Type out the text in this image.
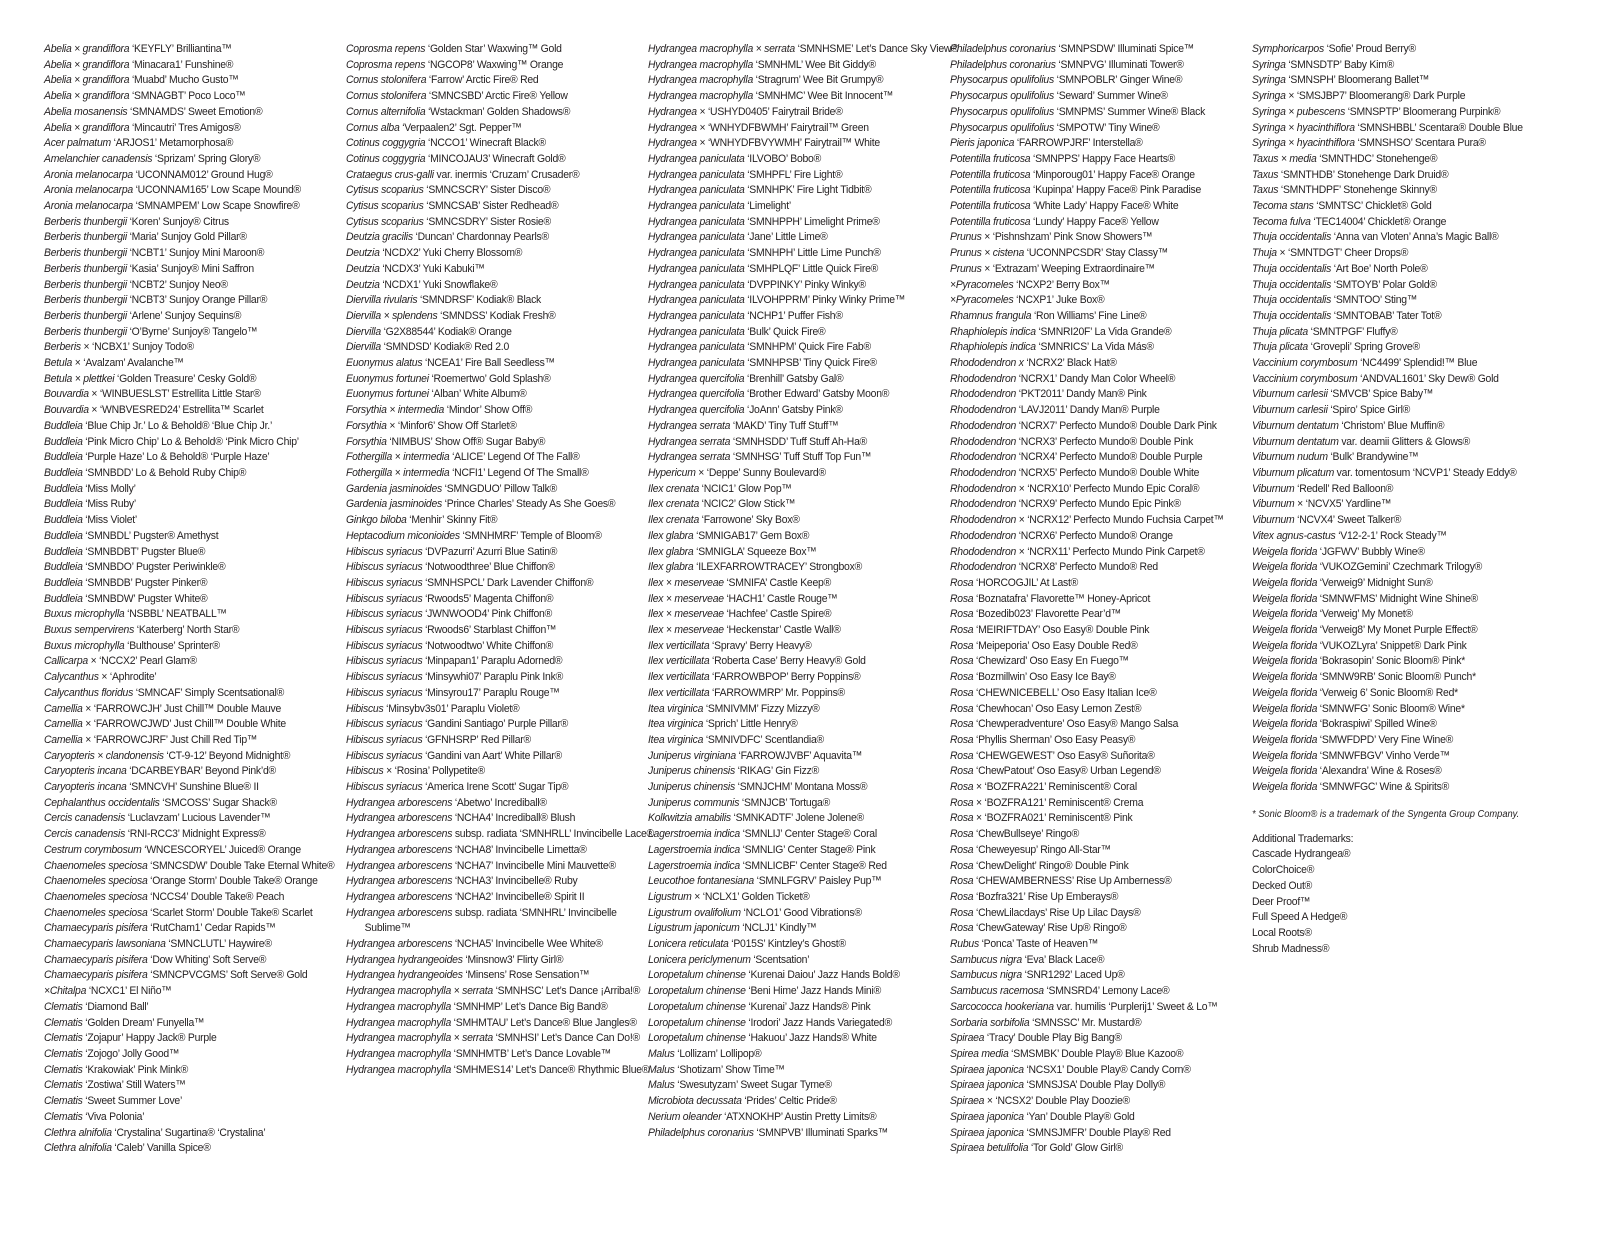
Abelia × grandiflora ‘KEYFLY’ Brilliantina™
Abelia × grandiflora ‘Minacara1’ Funshine®
Abelia × grandiflora ‘Muabd’ Mucho Gusto™
Abelia × grandiflora ‘SMNAGBT’ Poco Loco™
Abelia mosanensis ‘SMNAMDS’ Sweet Emotion®
Abelia × grandiflora ‘Mincautri’ Tres Amigos®
Acer palmatum ‘ARJOS1’ Metamorphosa®
Amelanchier canadensis ‘Sprizam’ Spring Glory®
Aronia melanocarpa ‘UCONNAM012’ Ground Hug®
Aronia melanocarpa ‘UCONNAM165’ Low Scape Mound®
Aronia melanocarpa ‘SMNAMPEM’ Low Scape Snowfire®
Berberis thunbergii ‘Koren’ Sunjoy® Citrus
Berberis thunbergii ‘Maria’ Sunjoy Gold Pillar®
Berberis thunbergii ‘NCBT1’ Sunjoy Mini Maroon®
Berberis thunbergii ‘Kasia’ Sunjoy® Mini Saffron
Berberis thunbergii ‘NCBT2’ Sunjoy Neo®
Berberis thunbergii ‘NCBT3’ Sunjoy Orange Pillar®
Berberis thunbergii ‘Arlene’ Sunjoy Sequins®
Berberis thunbergii ‘O’Byrne’ Sunjoy® Tangelo™
Berberis × ‘NCBX1’ Sunjoy Todo®
Betula × ‘Avalzam’ Avalanche™
Betula × plettkei ‘Golden Treasure’ Cesky Gold®
Bouvardia × ‘WINBUESLST’ Estrellita Little Star®
Bouvardia × ‘WNBVESRED24’ Estrellita™ Scarlet
Buddleia ‘Blue Chip Jr.’ Lo & Behold® ‘Blue Chip Jr.’
Buddleia ‘Pink Micro Chip’ Lo & Behold® ‘Pink Micro Chip’
Buddleia ‘Purple Haze’ Lo & Behold® ‘Purple Haze’
Buddleia ‘SMNBDD’ Lo & Behold Ruby Chip®
Buddleia ‘Miss Molly’
Buddleia ‘Miss Ruby’
Buddleia ‘Miss Violet’
Buddleia ‘SMNBDL’ Pugster® Amethyst
Buddleia ‘SMNBDBT’ Pugster Blue®
Buddleia ‘SMNBDO’ Pugster Periwinkle®
Buddleia ‘SMNBDB’ Pugster Pinker®
Buddleia ‘SMNBDW’ Pugster White®
Buxus microphylla ‘NSBBL’ NEATBALL™
Buxus sempervirens ‘Katerberg’ North Star®
Buxus microphylla ‘Bulthouse’ Sprinter®
Callicarpa × ‘NCCX2’ Pearl Glam®
Calycanthus × ‘Aphrodite’
Calycanthus floridus ‘SMNCAF’ Simply Scentsational®
Camellia × ‘FARROWCJH’ Just Chill™ Double Mauve
Camellia × ‘FARROWCJWD’ Just Chill™ Double White
Camellia × ‘FARROWCJRF’ Just Chill Red Tip™
Caryopteris × clandonensis ‘CT-9-12’ Beyond Midnight®
Caryopteris incana ‘DCARBEYBAR’ Beyond Pink’d®
Caryopteris incana ‘SMNCVH’ Sunshine Blue® II
Cephalanthus occidentalis ‘SMCOSS’ Sugar Shack®
Cercis canadensis ‘Luclavzam’ Lucious Lavender™
Cercis canadensis ‘RNI-RCC3’ Midnight Express®
Cestrum corymbosum ‘WNCESCORYEL’ Juiced® Orange
Chaenomeles speciosa ‘SMNCSDW’ Double Take Eternal White®
Chaenomeles speciosa ‘Orange Storm’ Double Take® Orange
Chaenomeles speciosa ‘NCCS4’ Double Take® Peach
Chaenomeles speciosa ‘Scarlet Storm’ Double Take® Scarlet
Chamaecyparis pisifera ‘RutCham1’ Cedar Rapids™
Chamaecyparis lawsoniana ‘SMNCLUTL’ Haywire®
Chamaecyparis pisifera ‘Dow Whiting’ Soft Serve®
Chamaecyparis pisifera ‘SMNCPVCGMS’ Soft Serve® Gold
×Chitalpa ‘NCXC1’ El Niño™
Clematis ‘Diamond Ball’
Clematis ‘Golden Dream’ Funyella™
Clematis ‘Zojapur’ Happy Jack® Purple
Clematis ‘Zojogo’ Jolly Good™
Clematis ‘Krakowiak’ Pink Mink®
Clematis ‘Zostiwa’ Still Waters™
Clematis ‘Sweet Summer Love’
Clematis ‘Viva Polonia’
Clethra alnifolia ‘Crystalina’ Sugartina® ‘Crystalina’
Clethra alnifolia ‘Caleb’ Vanilla Spice®
Coprosma repens ‘Golden Star’ Waxwing™ Gold
Coprosma repens ‘NGCOP8’ Waxwing™ Orange
Cornus stolonifera ‘Farrow’ Arctic Fire® Red
Cornus stolonifera ‘SMNCSBD’ Arctic Fire® Yellow
Cornus alternifolia ‘Wstackman’ Golden Shadows®
Cornus alba ‘Verpaalen2’ Sgt. Pepper™
Cotinus coggygria ‘NCCO1’ Winecraft Black®
Cotinus coggygria ‘MINCOJAU3’ Winecraft Gold®
Crataegus crus-galli var. inermis ‘Cruzam’ Crusader®
Cytisus scoparius ‘SMNCSCRY’ Sister Disco®
Cytisus scoparius ‘SMNCSAB’ Sister Redhead®
Cytisus scoparius ‘SMNCSDRY’ Sister Rosie®
Deutzia gracilis ‘Duncan’ Chardonnay Pearls®
Deutzia ‘NCDX2’ Yuki Cherry Blossom®
Deutzia ‘NCDX3’ Yuki Kabuki™
Deutzia ‘NCDX1’ Yuki Snowflake®
Diervilla rivularis ‘SMNDRSF’ Kodiak® Black
Diervilla × splendens ‘SMNDSS’ Kodiak Fresh®
Diervilla ‘G2X88544’ Kodiak® Orange
Diervilla ‘SMNDSD’ Kodiak® Red 2.0
Euonymus alatus ‘NCEA1’ Fire Ball Seedless™
Euonymus fortunei ‘Roemertwo’ Gold Splash®
Euonymus fortunei ‘Alban’ White Album®
Forsythia × intermedia ‘Mindor’ Show Off®
Forsythia × ‘Minfor6’ Show Off Starlet®
Forsythia ‘NIMBUS’ Show Off® Sugar Baby®
Fothergilla × intermedia ‘ALICE’ Legend Of The Fall®
Fothergilla × intermedia ‘NCFI1’ Legend Of The Small®
Gardenia jasminoides ‘SMNGDUO’ Pillow Talk®
Gardenia jasminoides ‘Prince Charles’ Steady As She Goes®
Ginkgo biloba ‘Menhir’ Skinny Fit®
Heptacodium miconioides ‘SMNHMRF’ Temple of Bloom®
Hibiscus syriacus ‘DVPazurri’ Azurri Blue Satin®
Hibiscus syriacus ‘Notwoodthree’ Blue Chiffon®
Hibiscus syriacus ‘SMNHSPCL’ Dark Lavender Chiffon®
Hibiscus syriacus ‘Rwoods5’ Magenta Chiffon®
Hibiscus syriacus ‘JWNWOOD4’ Pink Chiffon®
Hibiscus syriacus ‘Rwoods6’ Starblast Chiffon™
Hibiscus syriacus ‘Notwoodtwo’ White Chiffon®
Hibiscus syriacus ‘Minpapan1’ Paraplu Adorned®
Hibiscus syriacus ‘Minsywhi07’ Paraplu Pink Ink®
Hibiscus syriacus ‘Minsyrou17’ Paraplu Rouge™
Hibiscus ‘Minsybv3s01’ Paraplu Violet®
Hibiscus syriacus ‘Gandini Santiago’ Purple Pillar®
Hibiscus syriacus ‘GFNHSRP’ Red Pillar®
Hibiscus syriacus ‘Gandini van Aart’ White Pillar®
Hibiscus × ‘Rosina’ Pollypetite®
Hibiscus syriacus ‘America Irene Scott’ Sugar Tip®
Hydrangea arborescens ‘Abetwo’ Incrediball®
Hydrangea arborescens ‘NCHA4’ Incrediball® Blush
Hydrangea arborescens subsp. radiata ‘SMNHRLL’ Invincibelle Lace®
Hydrangea arborescens ‘NCHA8’ Invincibelle Limetta®
Hydrangea arborescens ‘NCHA7’ Invincibelle Mini Mauvette®
Hydrangea arborescens ‘NCHA3’ Invincibelle® Ruby
Hydrangea arborescens ‘NCHA2’ Invincibelle® Spirit II
Hydrangea arborescens subsp. radiata ‘SMNHRL’ Invincibelle Sublime™
Hydrangea arborescens ‘NCHA5’ Invincibelle Wee White®
Hydrangea hydrangeoides ‘Minsnow3’ Flirty Girl®
Hydrangea hydrangeoides ‘Minsens’ Rose Sensation™
Hydrangea macrophylla × serrata ‘SMNHSC’ Let’s Dance ¡Arriba!®
Hydrangea macrophylla ‘SMNHMP’ Let’s Dance Big Band®
Hydrangea macrophylla ‘SMHMTAU’ Let’s Dance® Blue Jangles®
Hydrangea macrophylla × serrata ‘SMNHSI’ Let’s Dance Can Do!®
Hydrangea macrophylla ‘SMNHMTB’ Let’s Dance Lovable™
Hydrangea macrophylla ‘SMHMES14’ Let’s Dance® Rhythmic Blue®
Hydrangea macrophylla × serrata ‘SMNHSME’ Let’s Dance Sky View®
Hydrangea macrophylla ‘SMNHML’ Wee Bit Giddy®
Hydrangea macrophylla ‘Stragrum’ Wee Bit Grumpy®
Hydrangea macrophylla ‘SMNHMC’ Wee Bit Innocent™
Hydrangea × ‘USHYD0405’ Fairytrail Bride®
Hydrangea × ‘WNHYDFBWMH’ Fairytrail™ Green
Hydrangea × ‘WNHYDFBVYWMH’ Fairytrail™ White
Hydrangea paniculata ‘ILVOBO’ Bobo®
Hydrangea paniculata ‘SMHPFL’ Fire Light®
Hydrangea paniculata ‘SMNHPK’ Fire Light Tidbit®
Hydrangea paniculata ‘Limelight’
Hydrangea paniculata ‘SMNHPPH’ Limelight Prime®
Hydrangea paniculata ‘Jane’ Little Lime®
Hydrangea paniculata ‘SMNHPH’ Little Lime Punch®
Hydrangea paniculata ‘SMHPLQF’ Little Quick Fire®
Hydrangea paniculata ‘DVPPINKY’ Pinky Winky®
Hydrangea paniculata ‘ILVOHPPRM’ Pinky Winky Prime™
Hydrangea paniculata ‘NCHP1’ Puffer Fish®
Hydrangea paniculata ‘Bulk’ Quick Fire®
Hydrangea paniculata ‘SMNHPM’ Quick Fire Fab®
Hydrangea paniculata ‘SMNHPSB’ Tiny Quick Fire®
Hydrangea quercifolia ‘Brenhill’ Gatsby Gal®
Hydrangea quercifolia ‘Brother Edward’ Gatsby Moon®
Hydrangea quercifolia ‘JoAnn’ Gatsby Pink®
Hydrangea serrata ‘MAKD’ Tiny Tuff Stuff™
Hydrangea serrata ‘SMNHSDD’ Tuff Stuff Ah-Ha®
Hydrangea serrata ‘SMNHSG’ Tuff Stuff Top Fun™
Hypericum × ‘Deppe’ Sunny Boulevard®
Ilex crenata ‘NCIC1’ Glow Pop™
Ilex crenata ‘NCIC2’ Glow Stick™
Ilex crenata ‘Farrowone’ Sky Box®
Ilex glabra ‘SMNIGAB17’ Gem Box®
Ilex glabra ‘SMNIGLA’ Squeeze Box™
Ilex glabra ‘ILEXFARROWTRACEY’ Strongbox®
Ilex × meserveae ‘SMNIFA’ Castle Keep®
Ilex × meserveae ‘HACH1’ Castle Rouge™
Ilex × meserveae ‘Hachfee’ Castle Spire®
Ilex × meserveae ‘Heckenstar’ Castle Wall®
Ilex verticillata ‘Spravy’ Berry Heavy®
Ilex verticillata ‘Roberta Case’ Berry Heavy® Gold
Ilex verticillata ‘FARROWBPOP’ Berry Poppins®
Ilex verticillata ‘FARROWMRP’ Mr. Poppins®
Itea virginica ‘SMNIVMM’ Fizzy Mizzy®
Itea virginica ‘Sprich’ Little Henry®
Itea virginica ‘SMNIVDFC’ Scentlandia®
Juniperus virginiana ‘FARROWJVBF’ Aquavita™
Juniperus chinensis ‘RIKAG’ Gin Fizz®
Juniperus chinensis ‘SMNJCHM’ Montana Moss®
Juniperus communis ‘SMNJCB’ Tortuga®
Kolkwitzia amabilis ‘SMNKADTF’ Jolene Jolene®
Lagerstroemia indica ‘SMNLIJ’ Center Stage® Coral
Lagerstroemia indica ‘SMNLIG’ Center Stage® Pink
Lagerstroemia indica ‘SMNLICBF’ Center Stage® Red
Leucothoe fontanesiana ‘SMNLFGRV’ Paisley Pup™
Ligustrum × ‘NCLX1’ Golden Ticket®
Ligustrum ovalifolium ‘NCLO1’ Good Vibrations®
Ligustrum japonicum ‘NCLJ1’ Kindly™
Lonicera reticulata ‘P015S’ Kintzley’s Ghost®
Lonicera periclymenum ‘Scentsation’
Loropetalum chinense ‘Kurenai Daiou’ Jazz Hands Bold®
Loropetalum chinense ‘Beni Hime’ Jazz Hands Mini®
Loropetalum chinense ‘Kurenai’ Jazz Hands® Pink
Loropetalum chinense ‘Irodori’ Jazz Hands Variegated®
Loropetalum chinense ‘Hakuou’ Jazz Hands® White
Malus ‘Lollizam’ Lollipop®
Malus ‘Shotizam’ Show Time™
Malus ‘Swesutyzam’ Sweet Sugar Tyme®
Microbiota decussata ‘Prides’ Celtic Pride®
Nerium oleander ‘ATXNOKHP’ Austin Pretty Limits®
Philadelphus coronarius ‘SMNPVB’ Illuminati Sparks™
Philadelphus coronarius ‘SMNPSDW’ Illuminati Spice™
Philadelphus coronarius ‘SMNPVG’ Illuminati Tower®
Physocarpus opulifolius ‘SMNPOBLR’ Ginger Wine®
Physocarpus opulifolius ‘Seward’ Summer Wine®
Physocarpus opulifolius ‘SMNPMS’ Summer Wine® Black
Physocarpus opulifolius ‘SMPOTW’ Tiny Wine®
Pieris japonica ‘FARROWPJRF’ Interstella®
Potentilla fruticosa ‘SMNPPS’ Happy Face Hearts®
Potentilla fruticosa ‘Minporoug01’ Happy Face® Orange
Potentilla fruticosa ‘Kupinpa’ Happy Face® Pink Paradise
Potentilla fruticosa ‘White Lady’ Happy Face® White
Potentilla fruticosa ‘Lundy’ Happy Face® Yellow
Prunus × ‘Pishnshzam’ Pink Snow Showers™
Prunus × cistena ‘UCONNPCSDR’ Stay Classy™
Prunus × ‘Extrazam’ Weeping Extraordinaire™
×Pyracomeles ‘NCXP2’ Berry Box™
×Pyracomeles ‘NCXP1’ Juke Box®
Rhamnus frangula ‘Ron Williams’ Fine Line®
Rhaphiolepis indica ‘SMNRI20F’ La Vida Grande®
Rhaphiolepis indica ‘SMNRICS’ La Vida Más®
Rhododendron x ‘NCRX2’ Black Hat®
Rhododendron ‘NCRX1’ Dandy Man Color Wheel®
Rhododendron ‘PKT2011’ Dandy Man® Pink
Rhododendron ‘LAVJ2011’ Dandy Man® Purple
Rhododendron ‘NCRX7’ Perfecto Mundo® Double Dark Pink
Rhododendron ‘NCRX3’ Perfecto Mundo® Double Pink
Rhododendron ‘NCRX4’ Perfecto Mundo® Double Purple
Rhododendron ‘NCRX5’ Perfecto Mundo® Double White
Rhododendron × ‘NCRX10’ Perfecto Mundo Epic Coral®
Rhododendron ‘NCRX9’ Perfecto Mundo Epic Pink®
Rhododendron × ‘NCRX12’ Perfecto Mundo Fuchsia Carpet™
Rhododendron ‘NCRX6’ Perfecto Mundo® Orange
Rhododendron × ‘NCRX11’ Perfecto Mundo Pink Carpet®
Rhododendron ‘NCRX8’ Perfecto Mundo® Red
Rosa ‘HORCOGJIL’ At Last®
Rosa ‘Boznatafra’ Flavorette™ Honey-Apricot
Rosa ‘Bozedib023’ Flavorette Pear’d™
Rosa ‘MEIRIFTDAY’ Oso Easy® Double Pink
Rosa ‘Meipeporia’ Oso Easy Double Red®
Rosa ‘Chewizard’ Oso Easy En Fuego™
Rosa ‘Bozmillwin’ Oso Easy Ice Bay®
Rosa ‘CHEWNICEBELL’ Oso Easy Italian Ice®
Rosa ‘Chewhocan’ Oso Easy Lemon Zest®
Rosa ‘Chewperadventure’ Oso Easy® Mango Salsa
Rosa ‘Phyllis Sherman’ Oso Easy Peasy®
Rosa ‘CHEWGEWEST’ Oso Easy® Suñorita®
Rosa ‘ChewPatout’ Oso Easy® Urban Legend®
Rosa × ‘BOZFRA221’ Reminiscent® Coral
Rosa × ‘BOZFRA121’ Reminiscent® Crema
Rosa × ‘BOZFRA021’ Reminiscent® Pink
Rosa ‘ChewBullseye’ Ringo®
Rosa ‘Cheweyesup’ Ringo All-Star™
Rosa ‘ChewDelight’ Ringo® Double Pink
Rosa ‘CHEWAMBERNESS’ Rise Up Amberness®
Rosa ‘Bozfra321’ Rise Up Emberays®
Rosa ‘ChewLilacdays’ Rise Up Lilac Days®
Rosa ‘ChewGateway’ Rise Up® Ringo®
Rubus ‘Ponca’ Taste of Heaven™
Sambucus nigra ‘Eva’ Black Lace®
Sambucus nigra ‘SNR1292’ Laced Up®
Sambucus racemosa ‘SMNSRD4’ Lemony Lace®
Sarcococca hookeriana var. humilis ‘Purplerij1’ Sweet & Lo™
Sorbaria sorbifolia ‘SMNSSC’ Mr. Mustard®
Spiraea ‘Tracy’ Double Play Big Bang®
Spirea media ‘SMSMBK’ Double Play® Blue Kazoo®
Spiraea japonica ‘NCSX1’ Double Play® Candy Corn®
Spiraea japonica ‘SMNSJSA’ Double Play Dolly®
Spiraea × ‘NCSX2’ Double Play Doozie®
Spiraea japonica ‘Yan’ Double Play® Gold
Spiraea japonica ‘SMNSJMFR’ Double Play® Red
Spiraea betulifolia ‘Tor Gold’ Glow Girl®
Symphoricarpos ‘Sofie’ Proud Berry®
Syringa ‘SMNSDTP’ Baby Kim®
Syringa ‘SMNSPH’ Bloomerang Ballet™
Syringa × ‘SMSJBP7’ Bloomerang® Dark Purple
Syringa × pubescens ‘SMNSPTP’ Bloomerang Purpink®
Syringa × hyacinthiflora ‘SMNSHBBL’ Scentara® Double Blue
Syringa × hyacinthiflora ‘SMNSHSO’ Scentara Pura®
Taxus × media ‘SMNTHDC’ Stonehenge®
Taxus ‘SMNTHDB’ Stonehenge Dark Druid®
Taxus ‘SMNTHDPF’ Stonehenge Skinny®
Tecoma stans ‘SMNTSC’ Chicklet® Gold
Tecoma fulva ‘TEC14004’ Chicklet® Orange
Thuja occidentalis ‘Anna van Vloten’ Anna’s Magic Ball®
Thuja × ‘SMNTDGT’ Cheer Drops®
Thuja occidentalis ‘Art Boe’ North Pole®
Thuja occidentalis ‘SMTOYB’ Polar Gold®
Thuja occidentalis ‘SMNTOO’ Sting™
Thuja occidentalis ‘SMNTOBAB’ Tater Tot®
Thuja plicata ‘SMNTPGF’ Fluffy®
Thuja plicata ‘Grovepli’ Spring Grove®
Vaccinium corymbosum ‘NC4499’ Splendid!™ Blue
Vaccinium corymbosum ‘ANDVAL1601’ Sky Dew® Gold
Viburnum carlesii ‘SMVCB’ Spice Baby™
Viburnum carlesii ‘Spiro’ Spice Girl®
Viburnum dentatum ‘Christom’ Blue Muffin®
Viburnum dentatum var. deamii Glitters & Glows®
Viburnum nudum ‘Bulk’ Brandywine™
Viburnum plicatum var. tomentosum ‘NCVP1’ Steady Eddy®
Viburnum ‘Redell’ Red Balloon®
Viburnum × ‘NCVX5’ Yardline™
Viburnum ‘NCVX4’ Sweet Talker®
Vitex agnus-castus ‘V12-2-1’ Rock Steady™
Weigela florida ‘JGFWV’ Bubbly Wine®
Weigela florida ‘VUKOZGemini’ Czechmark Trilogy®
Weigela florida ‘Verweig9’ Midnight Sun®
Weigela florida ‘SMNWFMS’ Midnight Wine Shine®
Weigela florida ‘Verweig’ My Monet®
Weigela florida ‘Verweig8’ My Monet Purple Effect®
Weigela florida ‘VUKOZLyra’ Snippet® Dark Pink
Weigela florida ‘Bokrasopin’ Sonic Bloom® Pink*
Weigela florida ‘SMNW9RB’ Sonic Bloom® Punch*
Weigela florida ‘Verweig 6’ Sonic Bloom® Red*
Weigela florida ‘SMNWFG’ Sonic Bloom® Wine*
Weigela florida ‘Bokraspiwi’ Spilled Wine®
Weigela florida ‘SMWFDPD’ Very Fine Wine®
Weigela florida ‘SMNWFBGV’ Vinho Verde™
Weigela florida ‘Alexandra’ Wine & Roses®
Weigela florida ‘SMNWFGC’ Wine & Spirits®
* Sonic Bloom® is a trademark of the Syngenta Group Company.
Additional Trademarks:
Cascade Hydrangea®
ColorChoice®
Decked Out®
Deer Proof™
Full Speed A Hedge®
Local Roots®
Shrub Madness®
